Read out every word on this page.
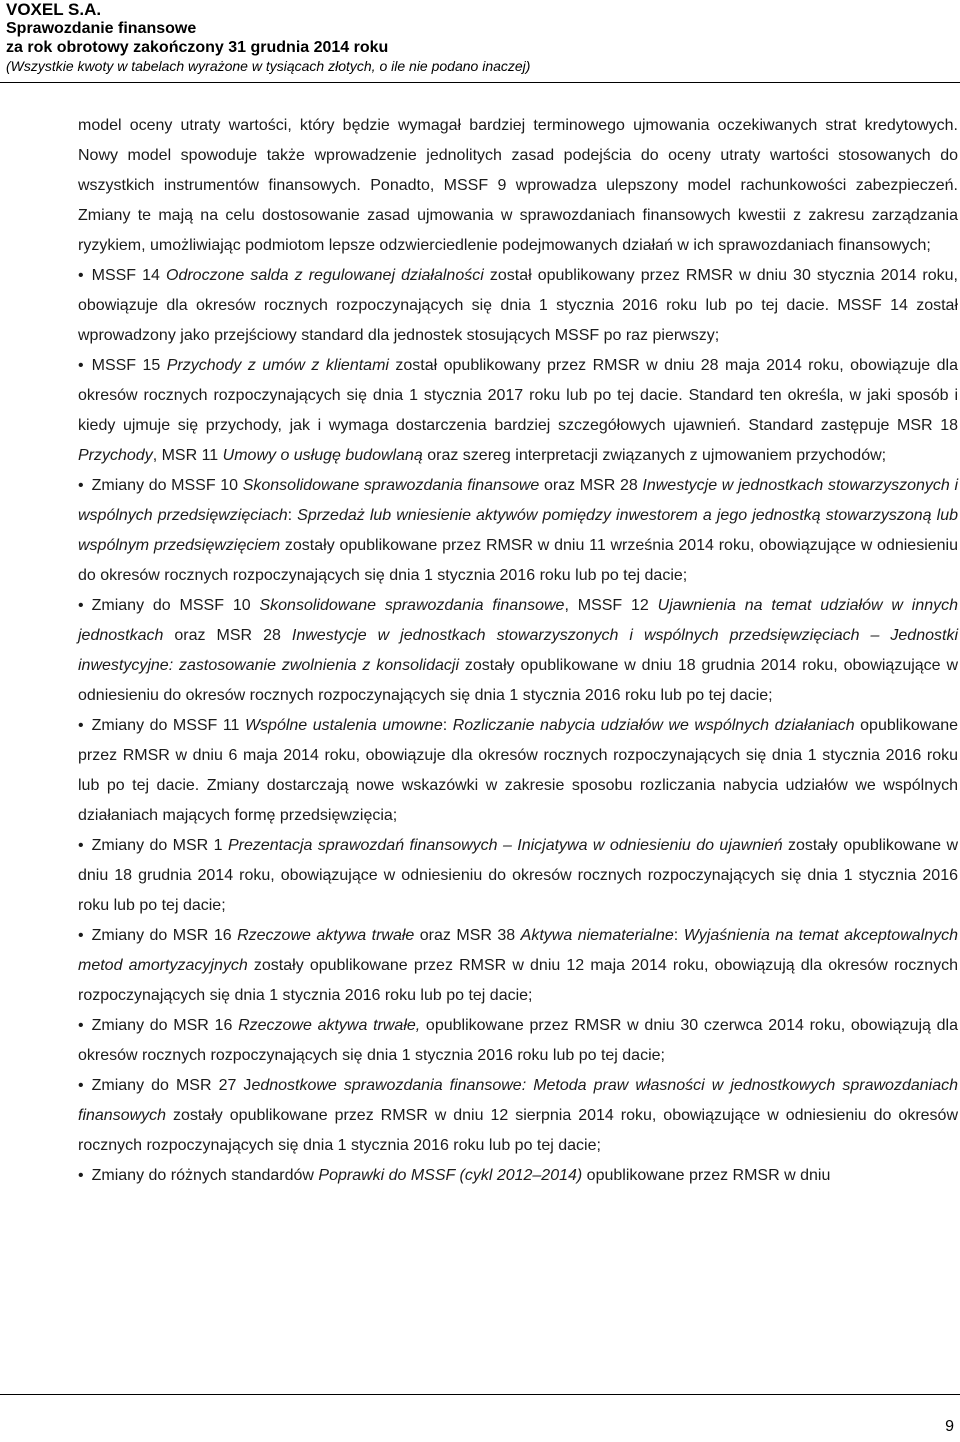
VOXEL S.A.
Sprawozdanie finansowe
za rok obrotowy zakończony 31 grudnia 2014 roku
(Wszystkie kwoty w tabelach wyrażone w tysiącach złotych, o ile nie podano inaczej)

model oceny utraty wartości, który będzie wymagał bardziej terminowego ujmowania oczekiwanych strat kredytowych. Nowy model spowoduje także wprowadzenie jednolitych zasad podejścia do oceny utraty wartości stosowanych do wszystkich instrumentów finansowych. Ponadto, MSSF 9 wprowadza ulepszony model rachunkowości zabezpieczeń. Zmiany te mają na celu dostosowanie zasad ujmowania w sprawozdaniach finansowych kwestii z zakresu zarządzania ryzykiem, umożliwiając podmiotom lepsze odzwierciedlenie podejmowanych działań w ich sprawozdaniach finansowych;

• MSSF 14 Odroczone salda z regulowanej działalności został opublikowany przez RMSR w dniu 30 stycznia 2014 roku, obowiązuje dla okresów rocznych rozpoczynających się dnia 1 stycznia 2016 roku lub po tej dacie. MSSF 14 został wprowadzony jako przejściowy standard dla jednostek stosujących MSSF po raz pierwszy;

• MSSF 15 Przychody z umów z klientami został opublikowany przez RMSR w dniu 28 maja 2014 roku, obowiązuje dla okresów rocznych rozpoczynających się dnia 1 stycznia 2017 roku lub po tej dacie. Standard ten określa, w jaki sposób i kiedy ujmuje się przychody, jak i wymaga dostarczenia bardziej szczegółowych ujawnień. Standard zastępuje MSR 18 Przychody, MSR 11 Umowy o usługę budowlaną oraz szereg interpretacji związanych z ujmowaniem przychodów;

• Zmiany do MSSF 10 Skonsolidowane sprawozdania finansowe oraz MSR 28 Inwestycje w jednostkach stowarzyszonych i wspólnych przedsięwzięciach: Sprzedaż lub wniesienie aktywów pomiędzy inwestorem a jego jednostką stowarzyszoną lub wspólnym przedsięwzięciem zostały opublikowane przez RMSR w dniu 11 września 2014 roku, obowiązujące w odniesieniu do okresów rocznych rozpoczynających się dnia 1 stycznia 2016 roku lub po tej dacie;

• Zmiany do MSSF 10 Skonsolidowane sprawozdania finansowe, MSSF 12 Ujawnienia na temat udziałów w innych jednostkach oraz MSR 28 Inwestycje w jednostkach stowarzyszonych i wspólnych przedsięwzięciach – Jednostki inwestycyjne: zastosowanie zwolnienia z konsolidacji zostały opublikowane w dniu 18 grudnia 2014 roku, obowiązujące w odniesieniu do okresów rocznych rozpoczynających się dnia 1 stycznia 2016 roku lub po tej dacie;

• Zmiany do MSSF 11 Wspólne ustalenia umowne: Rozliczanie nabycia udziałów we wspólnych działaniach opublikowane przez RMSR w dniu 6 maja 2014 roku, obowiązuje dla okresów rocznych rozpoczynających się dnia 1 stycznia 2016 roku lub po tej dacie. Zmiany dostarczają nowe wskazówki w zakresie sposobu rozliczania nabycia udziałów we wspólnych działaniach mających formę przedsięwzięcia;

• Zmiany do MSR 1 Prezentacja sprawozdań finansowych – Inicjatywa w odniesieniu do ujawnień zostały opublikowane w dniu 18 grudnia 2014 roku, obowiązujące w odniesieniu do okresów rocznych rozpoczynających się dnia 1 stycznia 2016 roku lub po tej dacie;

• Zmiany do MSR 16 Rzeczowe aktywa trwałe oraz MSR 38 Aktywa niematerialne: Wyjaśnienia na temat akceptowalnych metod amortyzacyjnych zostały opublikowane przez RMSR w dniu 12 maja 2014 roku, obowiązują dla okresów rocznych rozpoczynających się dnia 1 stycznia 2016 roku lub po tej dacie;

• Zmiany do MSR 16 Rzeczowe aktywa trwałe, opublikowane przez RMSR w dniu 30 czerwca 2014 roku, obowiązują dla okresów rocznych rozpoczynających się dnia 1 stycznia 2016 roku lub po tej dacie;

• Zmiany do MSR 27 Jednostkowe sprawozdania finansowe: Metoda praw własności w jednostkowych sprawozdaniach finansowych zostały opublikowane przez RMSR w dniu 12 sierpnia 2014 roku, obowiązujące w odniesieniu do okresów rocznych rozpoczynających się dnia 1 stycznia 2016 roku lub po tej dacie;

• Zmiany do różnych standardów Poprawki do MSSF (cykl 2012–2014) opublikowane przez RMSR w dniu

9
